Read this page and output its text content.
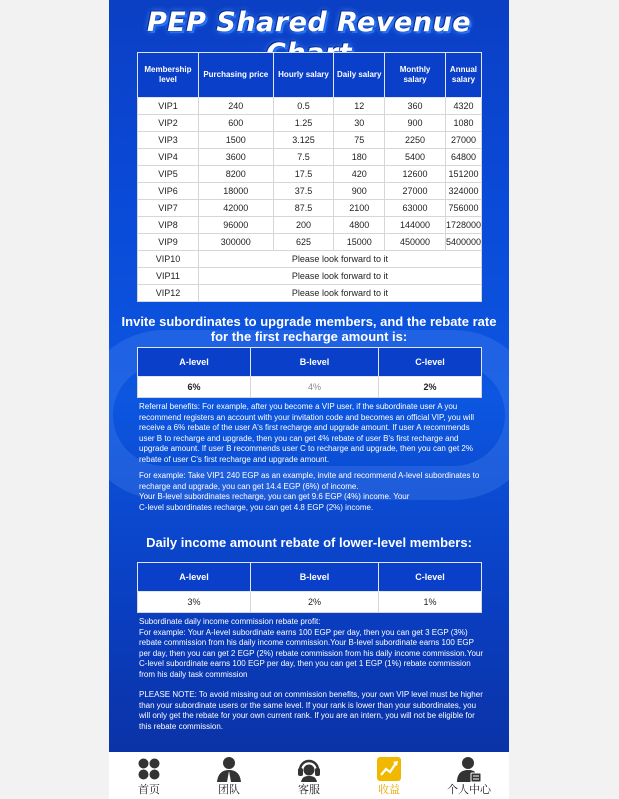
PEP Shared Revenue
Membership level	Purchasing price	Hourly salary	Daily salary	Monthly salary	Annual salary
VIP1	240	0.5	12	360	4320
VIP2	600	1.25	30	900	1080
VIP3	1500	3.125	75	2250	27000
VIP4	3600	7.5	180	5400	64800
VIP5	8200	17.5	420	12600	151200
VIP6	18000	37.5	900	27000	324000
VIP7	42000	87.5	2100	63000	756000
VIP8	96000	200	4800	144000	1728000
VIP9	300000	625	15000	450000	5400000
VIP10	Please look forward to it				
VIP11	Please look forward to it				
VIP12	Please look forward to it				
Invite subordinates to upgrade members, and the rebate rate for the first recharge amount is:
A-level	B-level	C-level
6%	4%	2%

Referral benefits: For example, after you become a VIP user, if the subordinate user A you recommend registers an account with your invitation code and becomes an official VIP, you will receive a 6% rebate of the user A's first recharge and upgrade amount. If user A recommends user B to recharge and upgrade, then you can get 4% rebate of user B's first recharge and upgrade amount. If user B recommends user C to recharge and upgrade, then you can get 2% rebate of user C's first recharge and upgrade amount.

For example: Take VIP1 240 EGP as an example, invite and recommend A-level subordinates to recharge and upgrade, you can get 14.4 EGP (6%) of income.

Your B-level subordinates recharge, you can get 9.6 EGP (4%) income. Your

C-level subordinates recharge, you can get 4.8 EGP (2%) income.

Daily income amount rebate of lower-level members:
A-level	B-level	C-level
3%	2%	1%

Subordinate daily income commission rebate profit:

For example: Your A-level subordinate earns 100 EGP per day, then you can get 3 EGP (3%) rebate commission from his daily income commission.Your B-level subordinate earns 100 EGP per day, then you can get 2 EGP (2%) rebate commission from his daily income commission.Your C-level subordinate earns 100 EGP per day, then you can get 1 EGP (1%) rebate commission from his daily task commission

PLEASE NOTE: To avoid missing out on commission benefits, your own VIP level must be higher than your subordinate users or the same level. If your rank is lower than your subordinates, you will only get the rebate for your own current rank. If you are an intern, you will not be eligible for this rebate commission.

首页	团队	客服	收益	个人中心
